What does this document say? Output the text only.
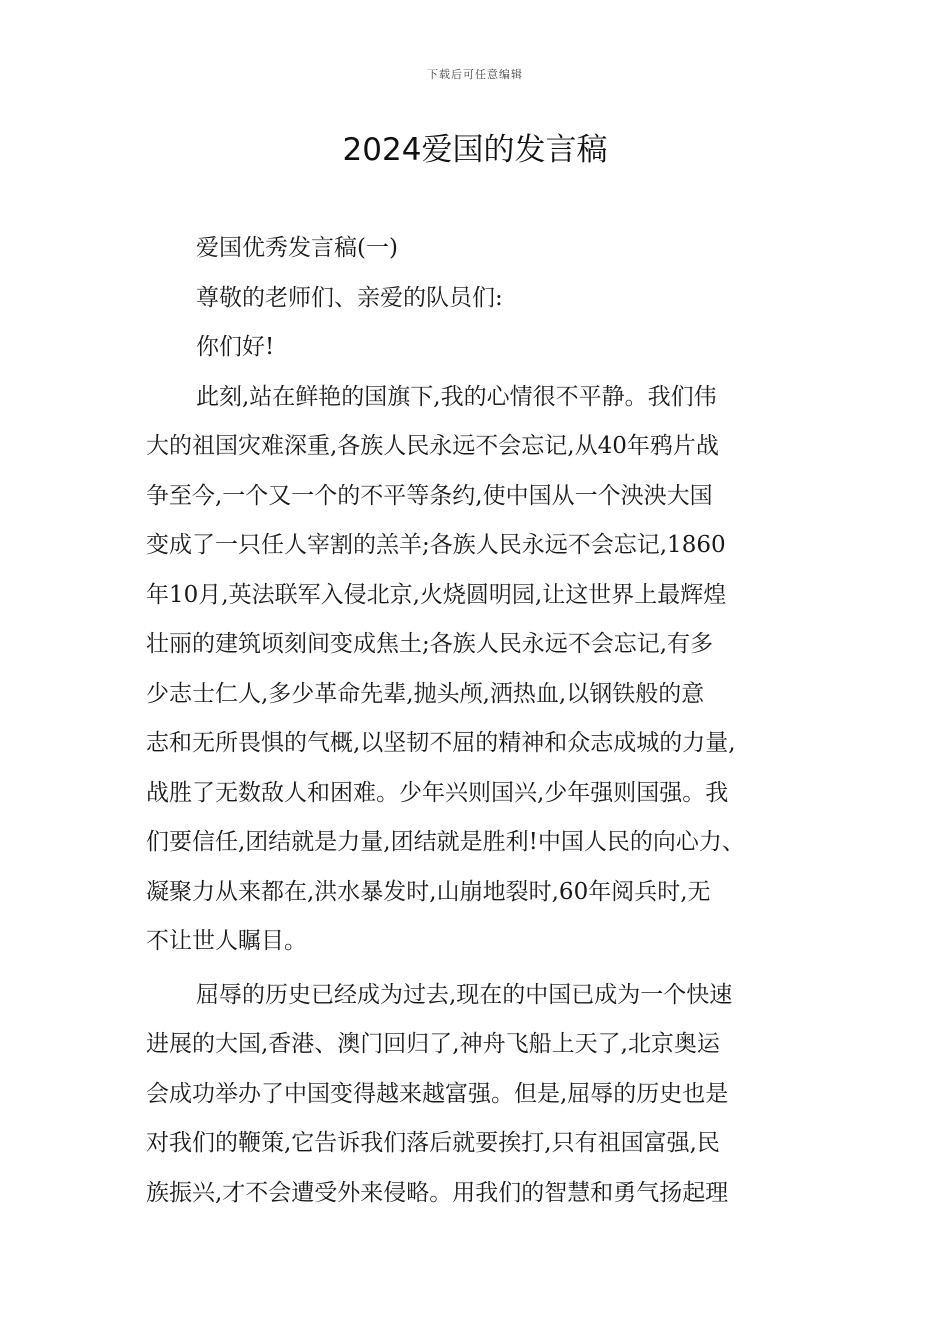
下载后可任意编辑
2024爱国的发言稿
爱国优秀发言稿(一)
尊敬的老师们、亲爱的队员们:
你们好!
此刻,站在鲜艳的国旗下,我的心情很不平静。我们伟
大的祖国灾难深重,各族人民永远不会忘记,从40年鸦片战
争至今,一个又一个的不平等条约,使中国从一个泱泱大国
变成了一只任人宰割的羔羊;各族人民永远不会忘记,1860
年10月,英法联军入侵北京,火烧圆明园,让这世界上最辉煌
壮丽的建筑顷刻间变成焦土;各族人民永远不会忘记,有多
少志士仁人,多少革命先辈,抛头颅,洒热血,以钢铁般的意
志和无所畏惧的气概,以坚韧不屈的精神和众志成城的力量,
战胜了无数敌人和困难。少年兴则国兴,少年强则国强。我
们要信任,团结就是力量,团结就是胜利!中国人民的向心力、
凝聚力从来都在,洪水暴发时,山崩地裂时,60年阅兵时,无
不让世人瞩目。
屈辱的历史已经成为过去,现在的中国已成为一个快速
进展的大国,香港、澳门回归了,神舟飞船上天了,北京奥运
会成功举办了中国变得越来越富强。但是,屈辱的历史也是
对我们的鞭策,它告诉我们落后就要挨打,只有祖国富强,民
族振兴,才不会遭受外来侵略。用我们的智慧和勇气扬起理
